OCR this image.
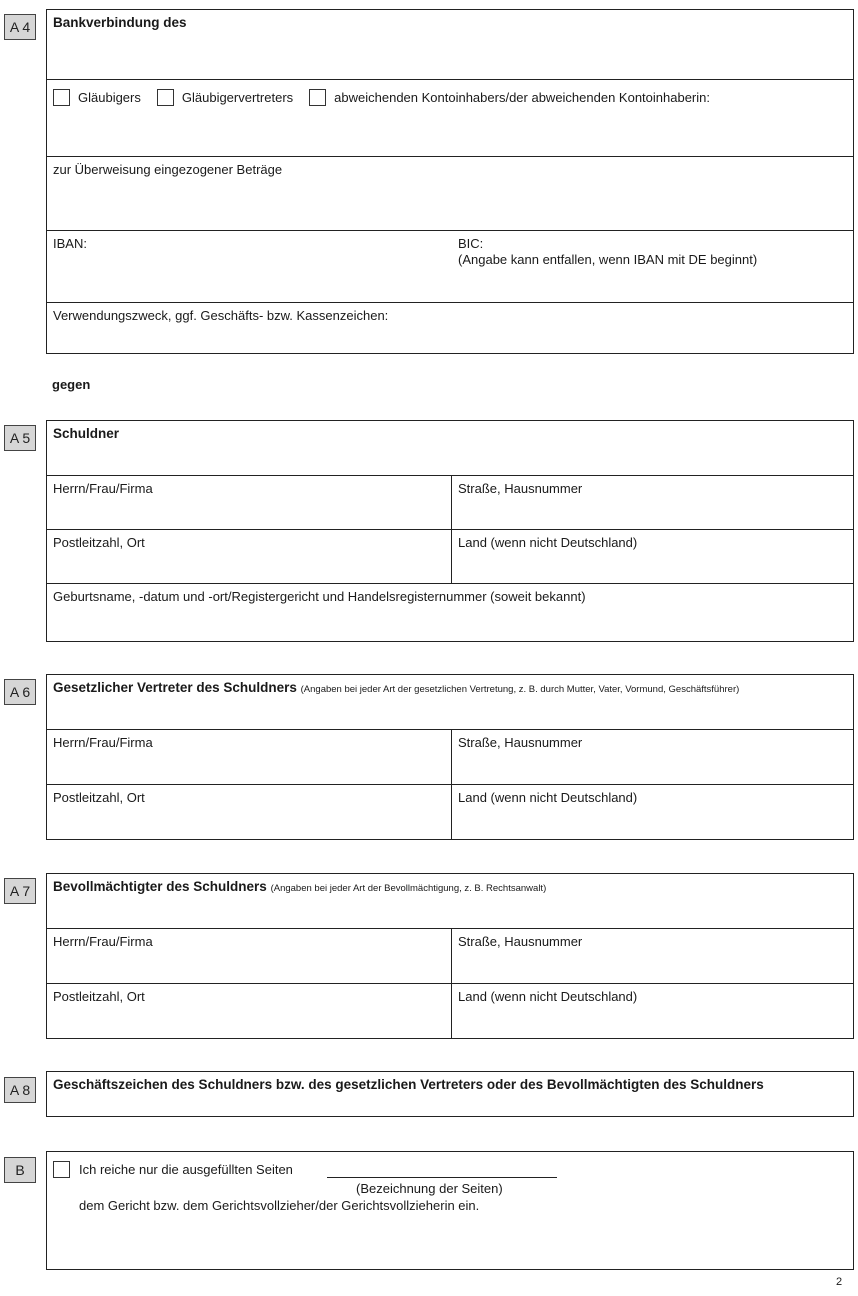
A 4	Bankverbindung des
Gläubigers	Gläubigervertreters	abweichenden Kontoinhabers/der abweichenden Kontoinhaberin:
zur Überweisung eingezogener Beträge
IBAN:	BIC:
(Angabe kann entfallen, wenn IBAN mit DE beginnt)
Verwendungszweck, ggf. Geschäfts- bzw. Kassenzeichen:
gegen
A 5	Schuldner
Herrn/Frau/Firma	Straße, Hausnummer
Postleitzahl, Ort	Land (wenn nicht Deutschland)
Geburtsname, -datum und -ort/Registergericht und Handelsregisternummer (soweit bekannt)
A 6	Gesetzlicher Vertreter des Schuldners (Angaben bei jeder Art der gesetzlichen Vertretung, z. B. durch Mutter, Vater, Vormund, Geschäftsführer)
Herrn/Frau/Firma	Straße, Hausnummer
Postleitzahl, Ort	Land (wenn nicht Deutschland)
A 7	Bevollmächtigter des Schuldners (Angaben bei jeder Art der Bevollmächtigung, z. B. Rechtsanwalt)
Herrn/Frau/Firma	Straße, Hausnummer
Postleitzahl, Ort	Land (wenn nicht Deutschland)
A 8	Geschäftszeichen des Schuldners bzw. des gesetzlichen Vertreters oder des Bevollmächtigten des Schuldners
B	Ich reiche nur die ausgefüllten Seiten
(Bezeichnung der Seiten)
dem Gericht bzw. dem Gerichtsvollzieher/der Gerichtsvollzieherin ein.
2
